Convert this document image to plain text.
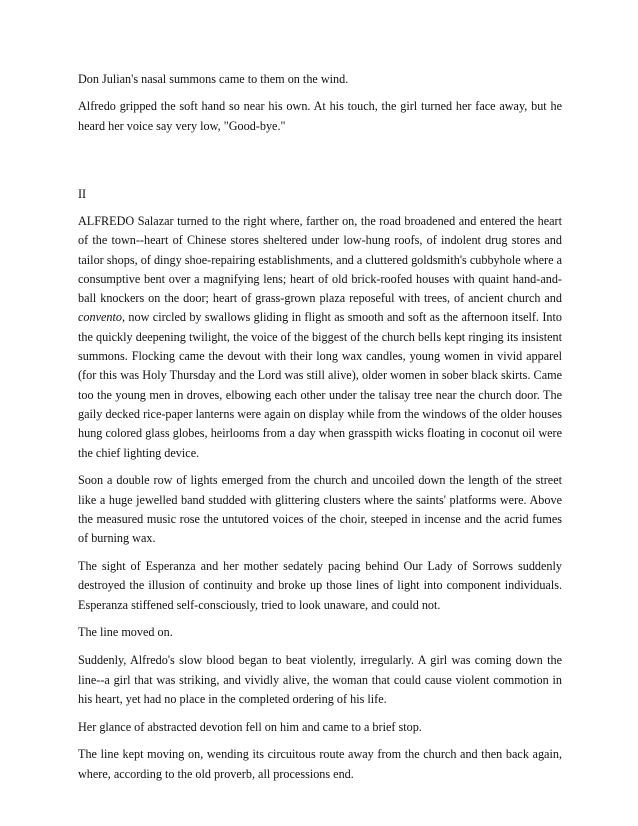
Don Julian's nasal summons came to them on the wind.

Alfredo gripped the soft hand so near his own. At his touch, the girl turned her face away, but he heard her voice say very low, "Good-bye."

II

ALFREDO Salazar turned to the right where, farther on, the road broadened and entered the heart of the town--heart of Chinese stores sheltered under low-hung roofs, of indolent drug stores and tailor shops, of dingy shoe-repairing establishments, and a cluttered goldsmith's cubbyhole where a consumptive bent over a magnifying lens; heart of old brick-roofed houses with quaint hand-and-ball knockers on the door; heart of grass-grown plaza reposeful with trees, of ancient church and convento, now circled by swallows gliding in flight as smooth and soft as the afternoon itself. Into the quickly deepening twilight, the voice of the biggest of the church bells kept ringing its insistent summons. Flocking came the devout with their long wax candles, young women in vivid apparel (for this was Holy Thursday and the Lord was still alive), older women in sober black skirts. Came too the young men in droves, elbowing each other under the talisay tree near the church door. The gaily decked rice-paper lanterns were again on display while from the windows of the older houses hung colored glass globes, heirlooms from a day when grasspith wicks floating in coconut oil were the chief lighting device.

Soon a double row of lights emerged from the church and uncoiled down the length of the street like a huge jewelled band studded with glittering clusters where the saints' platforms were. Above the measured music rose the untutored voices of the choir, steeped in incense and the acrid fumes of burning wax.

The sight of Esperanza and her mother sedately pacing behind Our Lady of Sorrows suddenly destroyed the illusion of continuity and broke up those lines of light into component individuals. Esperanza stiffened self-consciously, tried to look unaware, and could not.

The line moved on.

Suddenly, Alfredo's slow blood began to beat violently, irregularly. A girl was coming down the line--a girl that was striking, and vividly alive, the woman that could cause violent commotion in his heart, yet had no place in the completed ordering of his life.

Her glance of abstracted devotion fell on him and came to a brief stop.

The line kept moving on, wending its circuitous route away from the church and then back again, where, according to the old proverb, all processions end.
